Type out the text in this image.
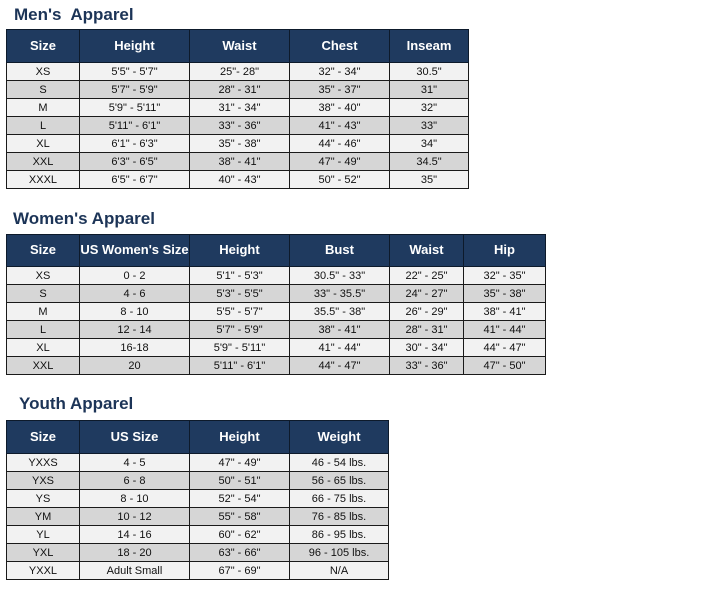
Men's  Apparel
Size	Height	Waist	Chest	Inseam
XS	5'5" - 5'7"	25"- 28"	32" - 34"	30.5"
S	5'7" - 5'9"	28" - 31"	35" - 37"	31"
M	5'9" - 5'11"	31" - 34"	38" - 40"	32"
L	5'11" - 6'1"	33" - 36"	41" - 43"	33"
XL	6'1" - 6'3"	35" - 38"	44" - 46"	34"
XXL	6'3" - 6'5"	38" - 41"	47" - 49"	34.5"
XXXL	6'5" - 6'7"	40" - 43"	50" - 52"	35"
Women's Apparel
Size	US Women's Size	Height	Bust	Waist	Hip
XS	0 - 2	5'1" - 5'3"	30.5" - 33"	22" - 25"	32" - 35"
S	4 - 6	5'3" - 5'5"	33" - 35.5"	24" - 27"	35" - 38"
M	8 - 10	5'5" - 5'7"	35.5" - 38"	26" - 29"	38" - 41"
L	12 - 14	5'7" - 5'9"	38" - 41"	28" - 31"	41" - 44"
XL	16-18	5'9" - 5'11"	41" - 44"	30" - 34"	44" - 47"
XXL	20	5'11" - 6'1"	44" - 47"	33" - 36"	47" - 50"
Youth Apparel
Size	US Size	Height	Weight
YXXS	4 - 5	47" - 49"	46 - 54 lbs.
YXS	6 - 8	50" - 51"	56 - 65 lbs.
YS	8 - 10	52" - 54"	66 - 75 lbs.
YM	10 - 12	55" - 58"	76 - 85 lbs.
YL	14 - 16	60" - 62"	86 - 95 lbs.
YXL	18 - 20	63" - 66"	96 - 105 lbs.
YXXL	Adult Small	67" - 69"	N/A
